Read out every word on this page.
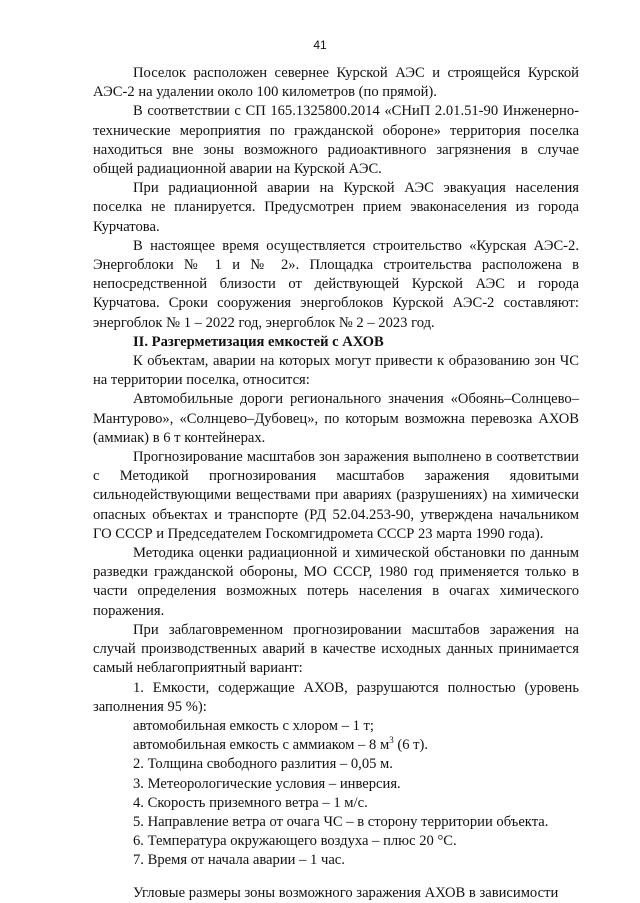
41

Поселок расположен севернее Курской АЭС и строящейся Курской АЭС-2 на удалении около 100 километров (по прямой).

В соответствии с СП 165.1325800.2014 «СНиП 2.01.51-90 Инженерно-технические мероприятия по гражданской обороне» территория поселка находиться вне зоны возможного радиоактивного загрязнения в случае общей радиационной аварии на Курской АЭС.

При радиационной аварии на Курской АЭС эвакуация населения поселка не планируется. Предусмотрен прием эваконаселения из города Курчатова.

В настоящее время осуществляется строительство «Курская АЭС-2. Энергоблоки № 1 и № 2». Площадка строительства расположена в непосредственной близости от действующей Курской АЭС и города Курчатова. Сроки сооружения энергоблоков Курской АЭС-2 составляют: энергоблок № 1 – 2022 год, энергоблок № 2 – 2023 год.

II. Разгерметизация емкостей с АХОВ

К объектам, аварии на которых могут привести к образованию зон ЧС на территории поселка, относится:

Автомобильные дороги регионального значения «Обоянь–Солнцево–Мантурово», «Солнцево–Дубовец», по которым возможна перевозка АХОВ (аммиак) в 6 т контейнерах.

Прогнозирование масштабов зон заражения выполнено в соответствии с Методикой прогнозирования масштабов заражения ядовитыми сильнодействующими веществами при авариях (разрушениях) на химически опасных объектах и транспорте (РД 52.04.253-90, утверждена начальником ГО СССР и Председателем Госкомгидромета СССР 23 марта 1990 года).

Методика оценки радиационной и химической обстановки по данным разведки гражданской обороны, МО СССР, 1980 год применяется только в части определения возможных потерь населения в очагах химического поражения.

При заблаговременном прогнозировании масштабов заражения на случай производственных аварий в качестве исходных данных принимается самый неблагоприятный вариант:

1. Емкости, содержащие АХОВ, разрушаются полностью (уровень заполнения 95 %):

автомобильная емкость с хлором – 1 т;

автомобильная емкость с аммиаком – 8 $м^3$ (6 т).

2. Толщина свободного разлития – 0,05 м.

3. Метеорологические условия – инверсия.

4. Скорость приземного ветра – 1 м/с.

5. Направление ветра от очага ЧС – в сторону территории объекта.

6. Температура окружающего воздуха – плюс 20 °С.

7. Время от начала аварии – 1 час.

Угловые размеры зоны возможного заражения АХОВ в зависимости
